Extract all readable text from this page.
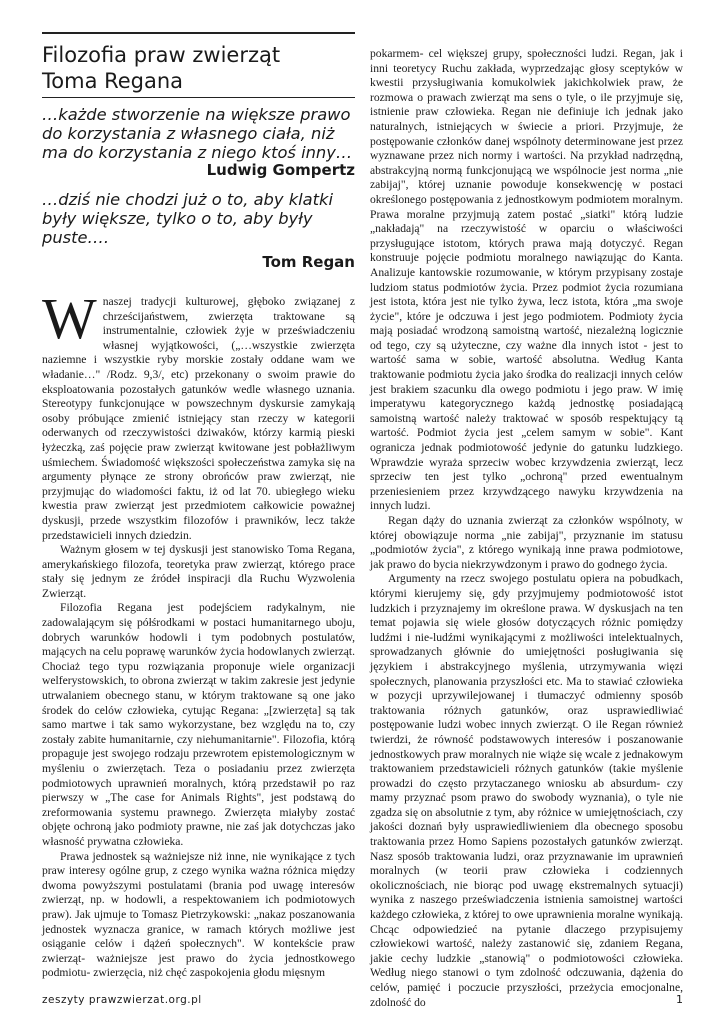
Filozofia praw zwierząt
Toma Regana
…każde stworzenie na większe prawo do korzystania z własnego ciała, niż ma do korzystania z niego ktoś inny…
Ludwig Gompertz
…dziś nie chodzi już o to, aby klatki były większe, tylko o to, aby były puste….
Tom Regan

Wnaszej tradycji kulturowej, głęboko związanej z chrześcijaństwem, zwierzęta traktowane są instrumentalnie, człowiek żyje w przeświadczeniu własnej wyjątkowości, („…wszystkie zwierzęta naziemne i wszystkie ryby morskie zostały oddane wam we władanie…" /Rodz. 9,3/, etc) przekonany o swoim prawie do eksploatowania pozostałych gatunków wedle własnego uznania. Stereotypy funkcjonujące w powszechnym dyskursie zamykają osoby próbujące zmienić istniejący stan rzeczy w kategorii oderwanych od rzeczywistości dziwaków, którzy karmią pieski łyżeczką, zaś pojęcie praw zwierząt kwitowane jest pobłażliwym uśmiechem. Świadomość większości społeczeństwa zamyka się na argumenty płynące ze strony obrońców praw zwierząt, nie przyjmując do wiadomości faktu, iż od lat 70. ubiegłego wieku kwestia praw zwierząt jest przedmiotem całkowicie poważnej dyskusji, przede wszystkim filozofów i prawników, lecz także przedstawicieli innych dziedzin.

Ważnym głosem w tej dyskusji jest stanowisko Toma Regana, amerykańskiego filozofa, teoretyka praw zwierząt, którego prace stały się jednym ze źródeł inspiracji dla Ruchu Wyzwolenia Zwierząt.

Filozofia Regana jest podejściem radykalnym, nie zadowalającym się półśrodkami w postaci humanitarnego uboju, dobrych warunków hodowli i tym podobnych postulatów, mających na celu poprawę warunków życia hodowlanych zwierząt. Chociaż tego typu rozwiązania proponuje wiele organizacji welferystowskich, to obrona zwierząt w takim zakresie jest jedynie utrwalaniem obecnego stanu, w którym traktowane są one jako środek do celów człowieka, cytując Regana: „[zwierzęta] są tak samo martwe i tak samo wykorzystane, bez względu na to, czy zostały zabite humanitarnie, czy niehumanitarnie". Filozofia, którą propaguje jest swojego rodzaju przewrotem epistemologicznym w myśleniu o zwierzętach. Teza o posiadaniu przez zwierzęta podmiotowych uprawnień moralnych, którą przedstawił po raz pierwszy w „The case for Animals Rights", jest podstawą do zreformowania systemu prawnego. Zwierzęta miałyby zostać objęte ochroną jako podmioty prawne, nie zaś jak dotychczas jako własność prywatna człowieka.

Prawa jednostek są ważniejsze niż inne, nie wynikające z tych praw interesy ogólne grup, z czego wynika ważna różnica między dwoma powyższymi postulatami (brania pod uwagę interesów zwierząt, np. w hodowli, a respektowaniem ich podmiotowych praw). Jak ujmuje to Tomasz Pietrzykowski: „nakaz poszanowania jednostek wyznacza granice, w ramach których możliwe jest osiąganie celów i dążeń społecznych". W kontekście praw zwierząt- ważniejsze jest prawo do życia jednostkowego podmiotu- zwierzęcia, niż chęć zaspokojenia głodu mięsnym

pokarmem- cel większej grupy, społeczności ludzi. Regan, jak i inni teoretycy Ruchu zakłada, wyprzedzając głosy sceptyków w kwestii przysługiwania komukolwiek jakichkolwiek praw, że rozmowa o prawach zwierząt ma sens o tyle, o ile przyjmuje się, istnienie praw człowieka. Regan nie definiuje ich jednak jako naturalnych, istniejących w świecie a priori. Przyjmuje, że postępowanie członków danej wspólnoty determinowane jest przez wyznawane przez nich normy i wartości. Na przykład nadrzędną, abstrakcyjną normą funkcjonującą we wspólnocie jest norma „nie zabijaj", której uznanie powoduje konsekwencję w postaci określonego postępowania z jednostkowym podmiotem moralnym. Prawa moralne przyjmują zatem postać „siatki" którą ludzie „nakładają" na rzeczywistość w oparciu o właściwości przysługujące istotom, których prawa mają dotyczyć. Regan konstruuje pojęcie podmiotu moralnego nawiązując do Kanta. Analizuje kantowskie rozumowanie, w którym przypisany zostaje ludziom status podmiotów życia. Przez podmiot życia rozumiana jest istota, która jest nie tylko żywa, lecz istota, która „ma swoje życie", które je odczuwa i jest jego podmiotem. Podmioty życia mają posiadać wrodzoną samoistną wartość, niezależną logicznie od tego, czy są użyteczne, czy ważne dla innych istot - jest to wartość sama w sobie, wartość absolutna. Według Kanta traktowanie podmiotu życia jako środka do realizacji innych celów jest brakiem szacunku dla owego podmiotu i jego praw. W imię imperatywu kategorycznego każdą jednostkę posiadającą samoistną wartość należy traktować w sposób respektujący tą wartość. Podmiot życia jest „celem samym w sobie". Kant ogranicza jednak podmiotowość jedynie do gatunku ludzkiego. Wprawdzie wyraża sprzeciw wobec krzywdzenia zwierząt, lecz sprzeciw ten jest tylko „ochroną" przed ewentualnym przeniesieniem przez krzywdzącego nawyku krzywdzenia na innych ludzi.

Regan dąży do uznania zwierząt za członków wspólnoty, w której obowiązuje norma „nie zabijaj", przyznanie im statusu „podmiotów życia", z którego wynikają inne prawa podmiotowe, jak prawo do bycia niekrzywdzonym i prawo do godnego życia.

Argumenty na rzecz swojego postulatu opiera na pobudkach, którymi kierujemy się, gdy przyjmujemy podmiotowość istot ludzkich i przyznajemy im określone prawa. W dyskusjach na ten temat pojawia się wiele głosów dotyczących różnic pomiędzy ludźmi i nie-ludźmi wynikającymi z możliwości intelektualnych, sprowadzanych głównie do umiejętności posługiwania się językiem i abstrakcyjnego myślenia, utrzymywania więzi społecznych, planowania przyszłości etc. Ma to stawiać człowieka w pozycji uprzywilejowanej i tłumaczyć odmienny sposób traktowania różnych gatunków, oraz usprawiedliwiać postępowanie ludzi wobec innych zwierząt. O ile Regan również twierdzi, że równość podstawowych interesów i poszanowanie jednostkowych praw moralnych nie wiąże się wcale z jednakowym traktowaniem przedstawicieli różnych gatunków (takie myślenie prowadzi do często przytaczanego wniosku ab absurdum- czy mamy przyznać psom prawo do swobody wyznania), o tyle nie zgadza się on absolutnie z tym, aby różnice w umiejętnościach, czy jakości doznań były usprawiedliwieniem dla obecnego sposobu traktowania przez Homo Sapiens pozostałych gatunków zwierząt. Nasz sposób traktowania ludzi, oraz przyznawanie im uprawnień moralnych (w teorii praw człowieka i codziennych okolicznościach, nie biorąc pod uwagę ekstremalnych sytuacji) wynika z naszego przeświadczenia istnienia samoistnej wartości każdego człowieka, z której to owe uprawnienia moralne wynikają. Chcąc odpowiedzieć na pytanie dlaczego przypisujemy człowiekowi wartość, należy zastanowić się, zdaniem Regana, jakie cechy ludzkie „stanowią" o podmiotowości człowieka. Według niego stanowi o tym zdolność odczuwania, dążenia do celów, pamięć i poczucie przyszłości, przeżycia emocjonalne, zdolność do

zeszyty prawzwierzat.org.pl	1
